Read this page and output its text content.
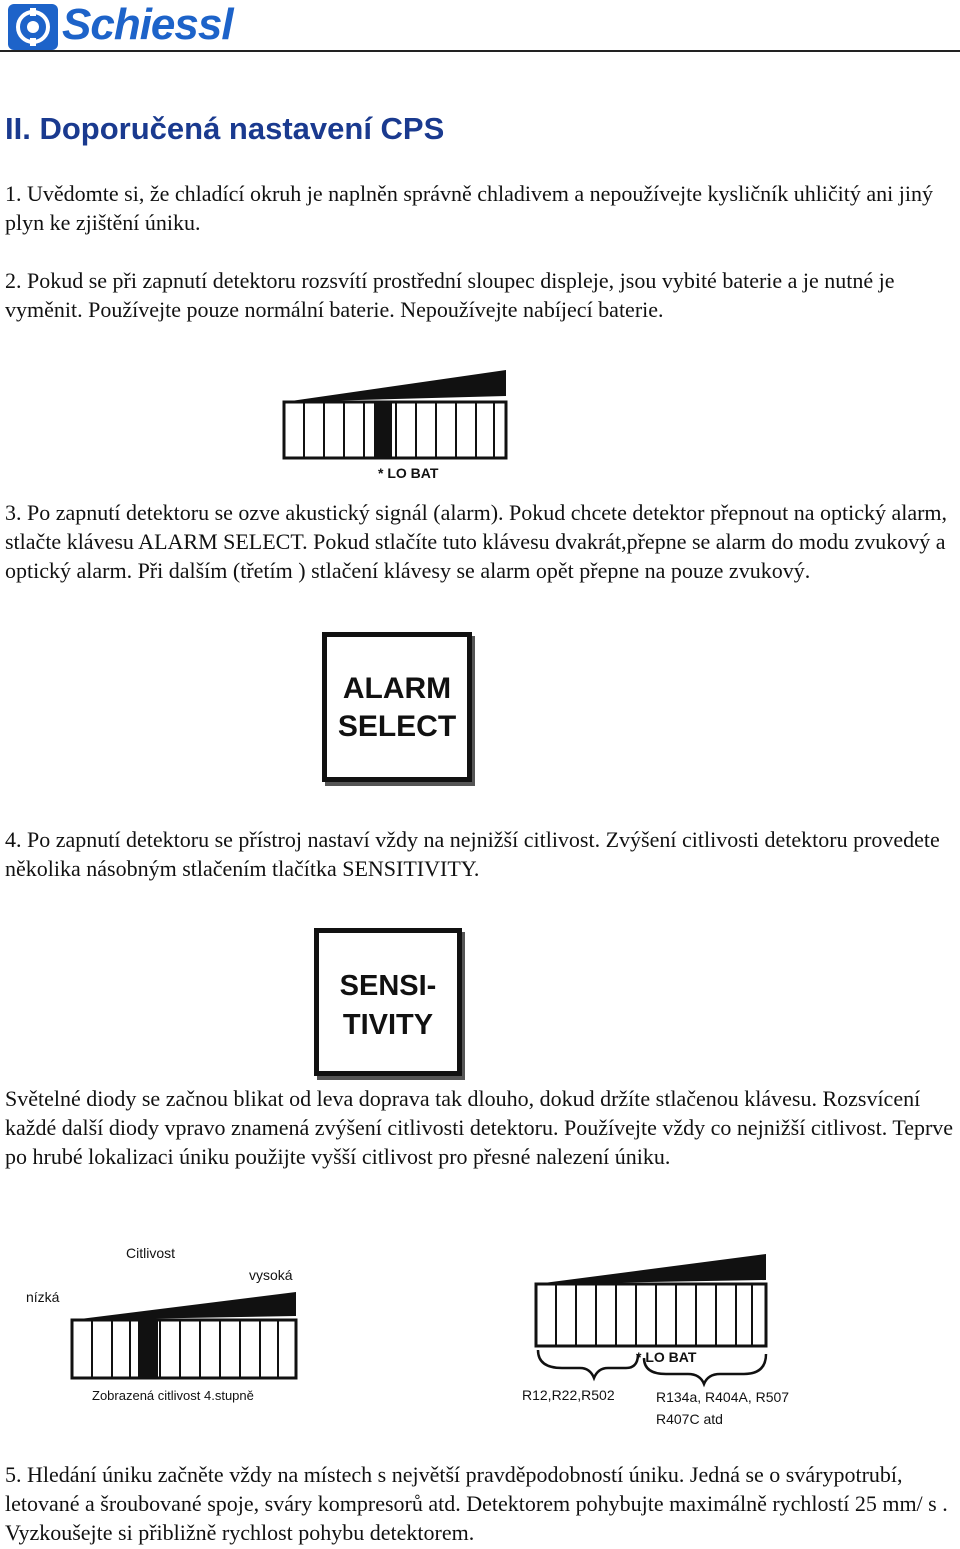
Schiessl
II. Doporučená nastavení CPS

1. Uvědomte si, že chladící okruh je naplněn správně chladivem a nepoužívejte kysličník uhličitý ani jiný plyn ke zjištění úniku.

2. Pokud se při zapnutí detektoru rozsvítí prostřední sloupec displeje, jsou vybité baterie a je nutné je vyměnit. Používejte pouze normální baterie. Nepoužívejte nabíjecí baterie.

* LO BAT

3. Po zapnutí detektoru se ozve akustický signál (alarm). Pokud chcete detektor přepnout na optický alarm, stlačte klávesu ALARM SELECT. Pokud stlačíte tuto klávesu dvakrát,přepne se alarm do modu zvukový a optický alarm. Při dalším (třetím ) stlačení klávesy se alarm opět přepne na pouze zvukový.

ALARM
SELECT

4. Po zapnutí detektoru se přístroj nastaví vždy na nejnižší citlivost. Zvýšení citlivosti detektoru provedete několika násobným stlačením tlačítka SENSITIVITY.

SENSI-
TIVITY

Světelné diody se začnou blikat od leva doprava tak dlouho, dokud držíte stlačenou klávesu. Rozsvícení každé další diody vpravo znamená zvýšení citlivosti detektoru. Používejte vždy co nejnižší citlivost. Teprve po hrubé lokalizaci úniku použijte vyšší citlivost pro přesné nalezení úniku.

Citlivost
vysoká
nízká
Zobrazená citlivost 4.stupně
* LO BAT
R12,R22,R502	R134a, R404A, R507
R407C atd

5. Hledání úniku začněte vždy na místech s největší pravděpodobností úniku. Jedná se o svárypotrubí, letované a šroubované spoje, sváry kompresorů atd. Detektorem pohybujte maximálně rychlostí 25 mm/ s . Vyzkoušejte si přibližně rychlost pohybu detektorem.
